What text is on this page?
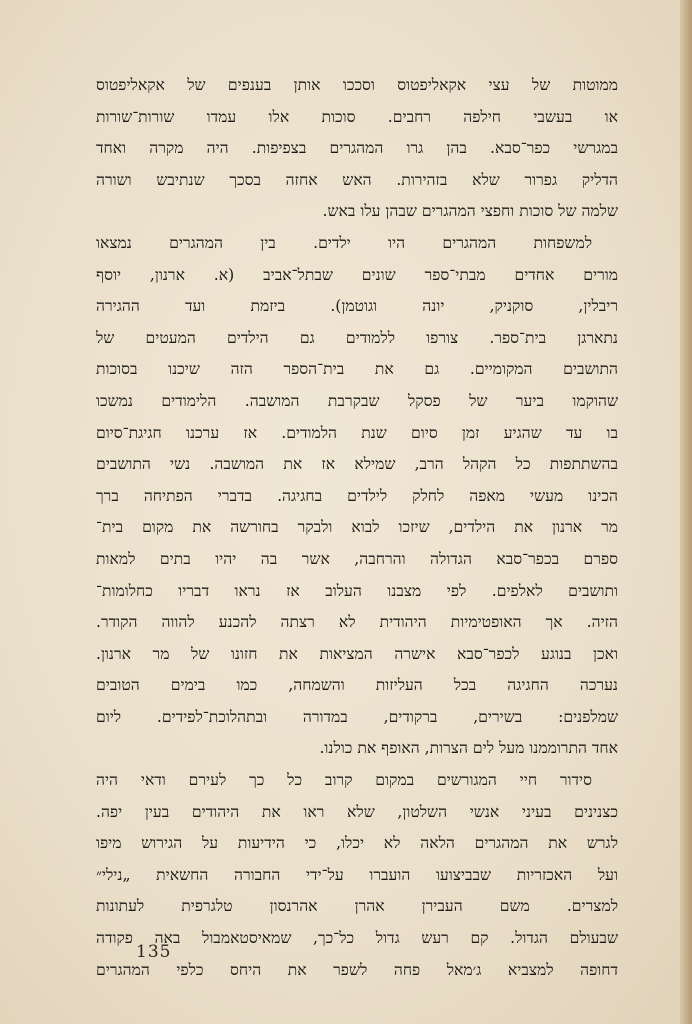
ממוטות של עצי אקאליפטוס וסככו אותן בענפים של אקאליפטוס
או בעשבי חילפה רחבים. סוכות אלו עמדו שורות־שורות
במגרשי כפר־סבא. בהן גרו המהגרים בצפיפות. היה מקרה ואחד
הדליק גפרור שלא בזהירות. האש אחזה בסכך שנתיבש ושורה
שלמה של סוכות וחפצי המהגרים שבהן עלו באש.
למשפחות המהגרים היו ילדים. בין המהגרים נמצאו
מורים אחדים מבתי־ספר שונים שבתל־אביב (א. ארנון, יוסף
ריבלין, סוקניק, יונה וגוטמן). ביזמת ועד ההגירה
נתארגן בית־ספר. צורפו ללמודים גם הילדים המעטים של
התושבים המקומיים. גם את בית־הספר הזה שיכנו בסוכות
שהוקמו ביער של פסקל שבקרבת המושבה. הלימודים נמשכו
בו עד שהגיע זמן סיום שנת הלמודים. אז ערכנו חגיגת־סיום
בהשתתפות כל הקהל הרב, שמילא אז את המושבה. נשי התושבים
הכינו מעשי מאפה לחלק לילדים בחגיגה. בדברי הפתיחה ברך
מר ארנון את הילדים, שיזכו לבוא ולבקר בחורשה את מקום בית־
ספרם בכפר־סבא הגדולה והרחבה, אשר בה יהיו בתים למאות
ותושבים לאלפים. לפי מצבנו העלוב אז נראו דבריו כחלומות־
הזיה. אך האופטימיות היהודית לא רצתה להכנע להווה הקודר.
ואכן בנוגע לכפר־סבא אישרה המציאות את חזונו של מר ארנון.
נערכה החגיגה בכל העליזות והשמחה, כמו בימים הטובים
שמלפנים: בשירים, ברקודים, במדורה ובתהלוכת־לפידים. ליום
אחד התרוממנו מעל לים הצרות, האופף את כולנו.
סידור חיי המגורשים במקום קרוב כל כך לעירם ודאי היה
כצנינים בעיני אנשי השלטון, שלא ראו את היהודים בעין יפה.
לגרש את המהגרים הלאה לא יכלו, כי הידיעות על הגירוש מיפו
ועל האכזריות שבביצועו הועברו על־ידי החבורה החשאית „נילי״
למצרים. משם העבירן אהרן אהרנסון טלגרפית לעתונות
שבעולם הגדול. קם רעש גדול כל־כך, שמאיסטאמבול באה פקודה
דחופה למצביא ג׳מאל פחה לשפר את היחס כלפי המהגרים
135
